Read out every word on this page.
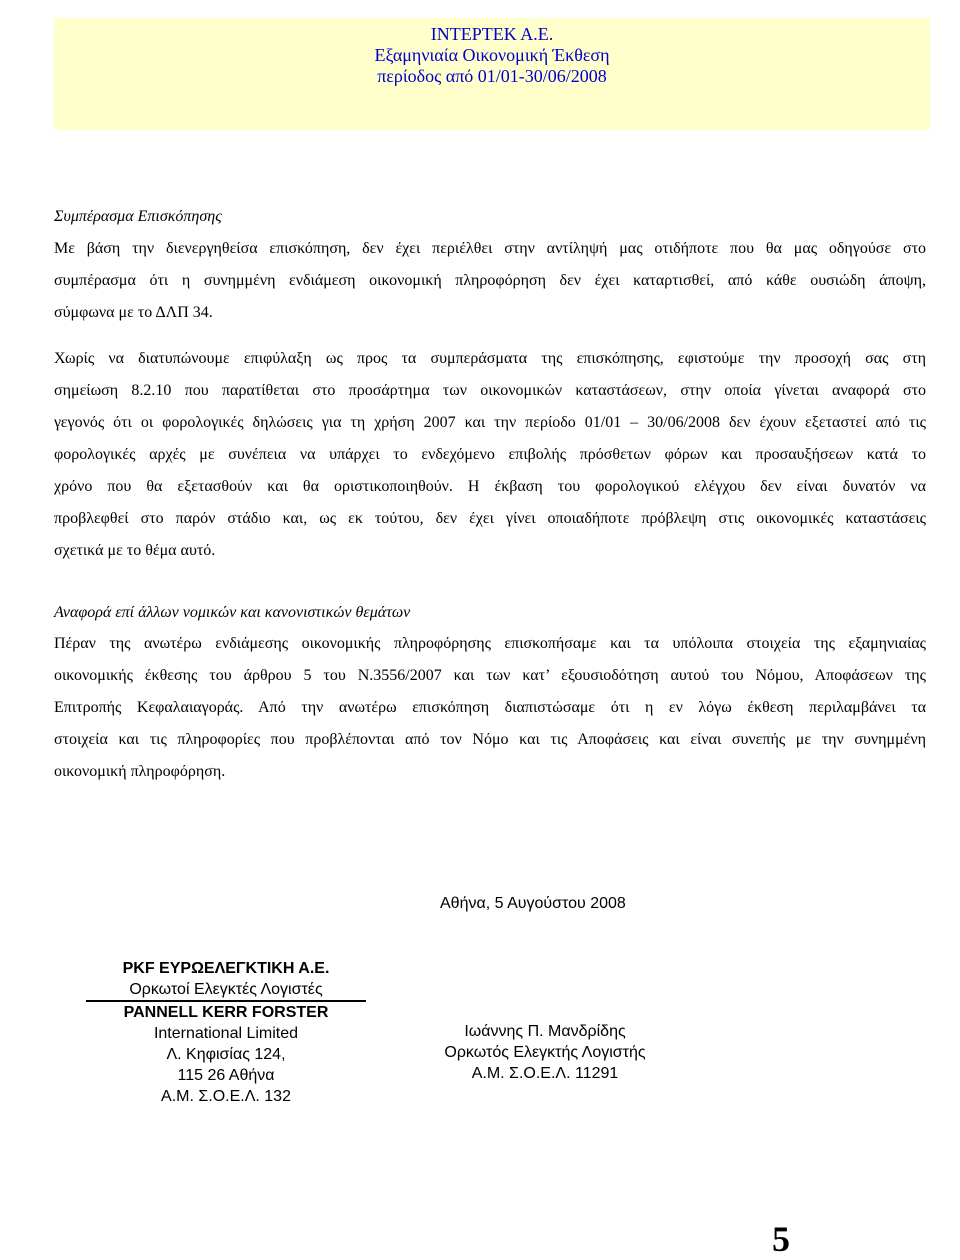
ΙΝΤΕΡΤΕΚ Α.Ε.
Εξαμηνιαία Οικονομική Έκθεση
περίοδος από 01/01-30/06/2008
Συμπέρασμα Επισκόπησης
Με βάση την διενεργηθείσα επισκόπηση, δεν έχει περιέλθει στην αντίληψή μας οτιδήποτε που θα μας οδηγούσε στο
συμπέρασμα ότι η συνημμένη ενδιάμεση οικονομική πληροφόρηση δεν έχει καταρτισθεί, από κάθε ουσιώδη άποψη,
σύμφωνα με το ΔΛΠ 34.
Χωρίς να διατυπώνουμε επιφύλαξη ως προς τα συμπεράσματα της επισκόπησης, εφιστούμε την προσοχή σας στη
σημείωση 8.2.10 που παρατίθεται στο προσάρτημα των οικονομικών καταστάσεων, στην οποία γίνεται αναφορά στο
γεγονός ότι οι φορολογικές δηλώσεις για τη χρήση 2007 και την περίοδο 01/01 – 30/06/2008 δεν έχουν εξεταστεί από τις
φορολογικές αρχές με συνέπεια να υπάρχει το ενδεχόμενο επιβολής πρόσθετων φόρων και προσαυξήσεων κατά το
χρόνο που θα εξετασθούν και θα οριστικοποιηθούν. Η έκβαση του φορολογικού ελέγχου δεν είναι δυνατόν να
προβλεφθεί στο παρόν στάδιο και, ως εκ τούτου, δεν έχει γίνει οποιαδήποτε πρόβλεψη στις οικονομικές καταστάσεις
σχετικά με το θέμα αυτό.
Αναφορά επί άλλων νομικών και κανονιστικών θεμάτων
Πέραν της ανωτέρω ενδιάμεσης οικονομικής πληροφόρησης επισκοπήσαμε και τα υπόλοιπα στοιχεία της εξαμηνιαίας
οικονομικής έκθεσης του άρθρου 5 του Ν.3556/2007 και των κατ’ εξουσιοδότηση αυτού του Νόμου, Αποφάσεων της
Επιτροπής Κεφαλαιαγοράς. Από την ανωτέρω επισκόπηση διαπιστώσαμε ότι η εν λόγω έκθεση περιλαμβάνει τα
στοιχεία και τις πληροφορίες που προβλέπονται από τον Νόμο και τις Αποφάσεις και είναι συνεπής με την συνημμένη
οικονομική πληροφόρηση.
Αθήνα, 5 Αυγούστου 2008
PKF ΕΥΡΩΕΛΕΓΚΤΙΚΗ Α.Ε.
Ορκωτοί Ελεγκτές Λογιστές
PANNELL KERR FORSTER
International Limited
Λ. Κηφισίας 124,
115 26 Αθήνα
Α.Μ. Σ.Ο.Ε.Λ. 132
Ιωάννης Π. Μανδρίδης
Ορκωτός Ελεγκτής Λογιστής
Α.Μ. Σ.Ο.Ε.Λ. 11291
5
